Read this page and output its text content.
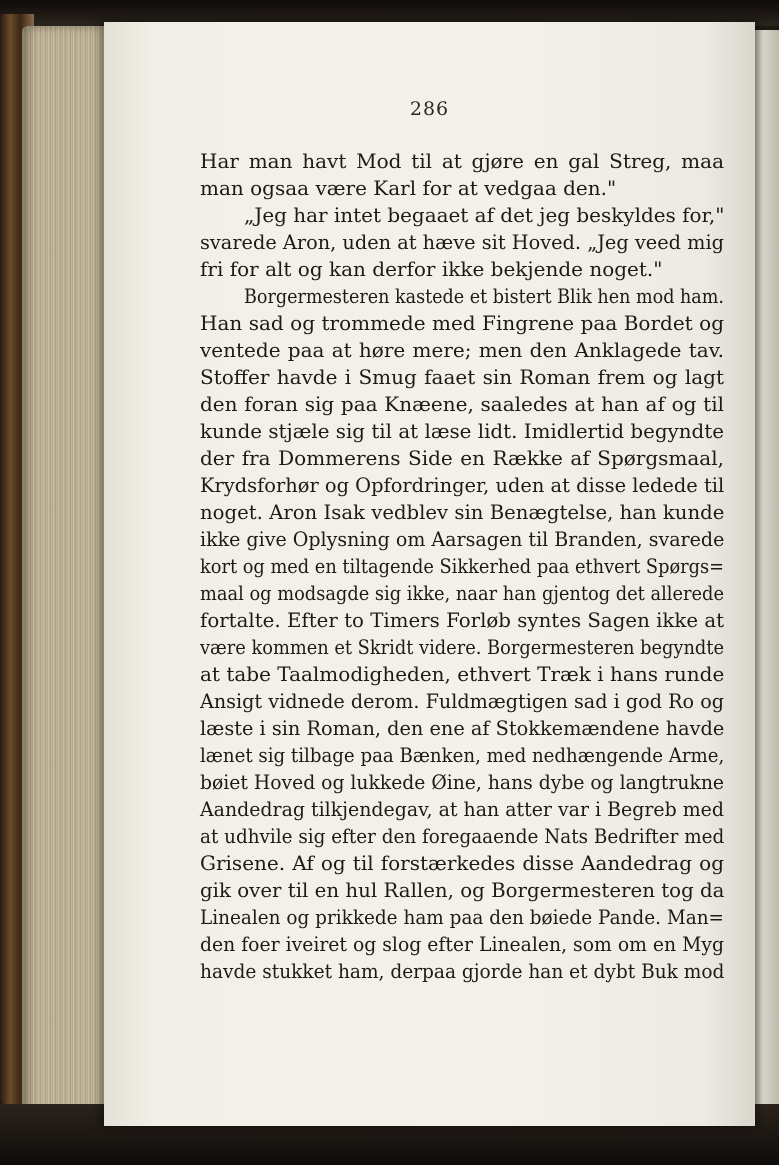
286
Har man havt Mod til at gjøre en gal Streg, maa
man ogsaa være Karl for at vedgaa den."
„Jeg har intet begaaet af det jeg beskyldes for,"
svarede Aron, uden at hæve sit Hoved. „Jeg veed mig
fri for alt og kan derfor ikke bekjende noget."
Borgermesteren kastede et bistert Blik hen mod ham.
Han sad og trommede med Fingrene paa Bordet og
ventede paa at høre mere; men den Anklagede tav.
Stoffer havde i Smug faaet sin Roman frem og lagt
den foran sig paa Knæene, saaledes at han af og til
kunde stjæle sig til at læse lidt. Imidlertid begyndte
der fra Dommerens Side en Række af Spørgsmaal,
Krydsforhør og Opfordringer, uden at disse ledede til
noget. Aron Isak vedblev sin Benægtelse, han kunde
ikke give Oplysning om Aarsagen til Branden, svarede
kort og med en tiltagende Sikkerhed paa ethvert Spørgs=
maal og modsagde sig ikke, naar han gjentog det allerede
fortalte. Efter to Timers Forløb syntes Sagen ikke at
være kommen et Skridt videre. Borgermesteren begyndte
at tabe Taalmodigheden, ethvert Træk i hans runde
Ansigt vidnede derom. Fuldmægtigen sad i god Ro og
læste i sin Roman, den ene af Stokkemændene havde
lænet sig tilbage paa Bænken, med nedhængende Arme,
bøiet Hoved og lukkede Øine, hans dybe og langtrukne
Aandedrag tilkjendegav, at han atter var i Begreb med
at udhvile sig efter den foregaaende Nats Bedrifter med
Grisene. Af og til forstærkedes disse Aandedrag og
gik over til en hul Rallen, og Borgermesteren tog da
Linealen og prikkede ham paa den bøiede Pande. Man=
den foer iveiret og slog efter Linealen, som om en Myg
havde stukket ham, derpaa gjorde han et dybt Buk mod
